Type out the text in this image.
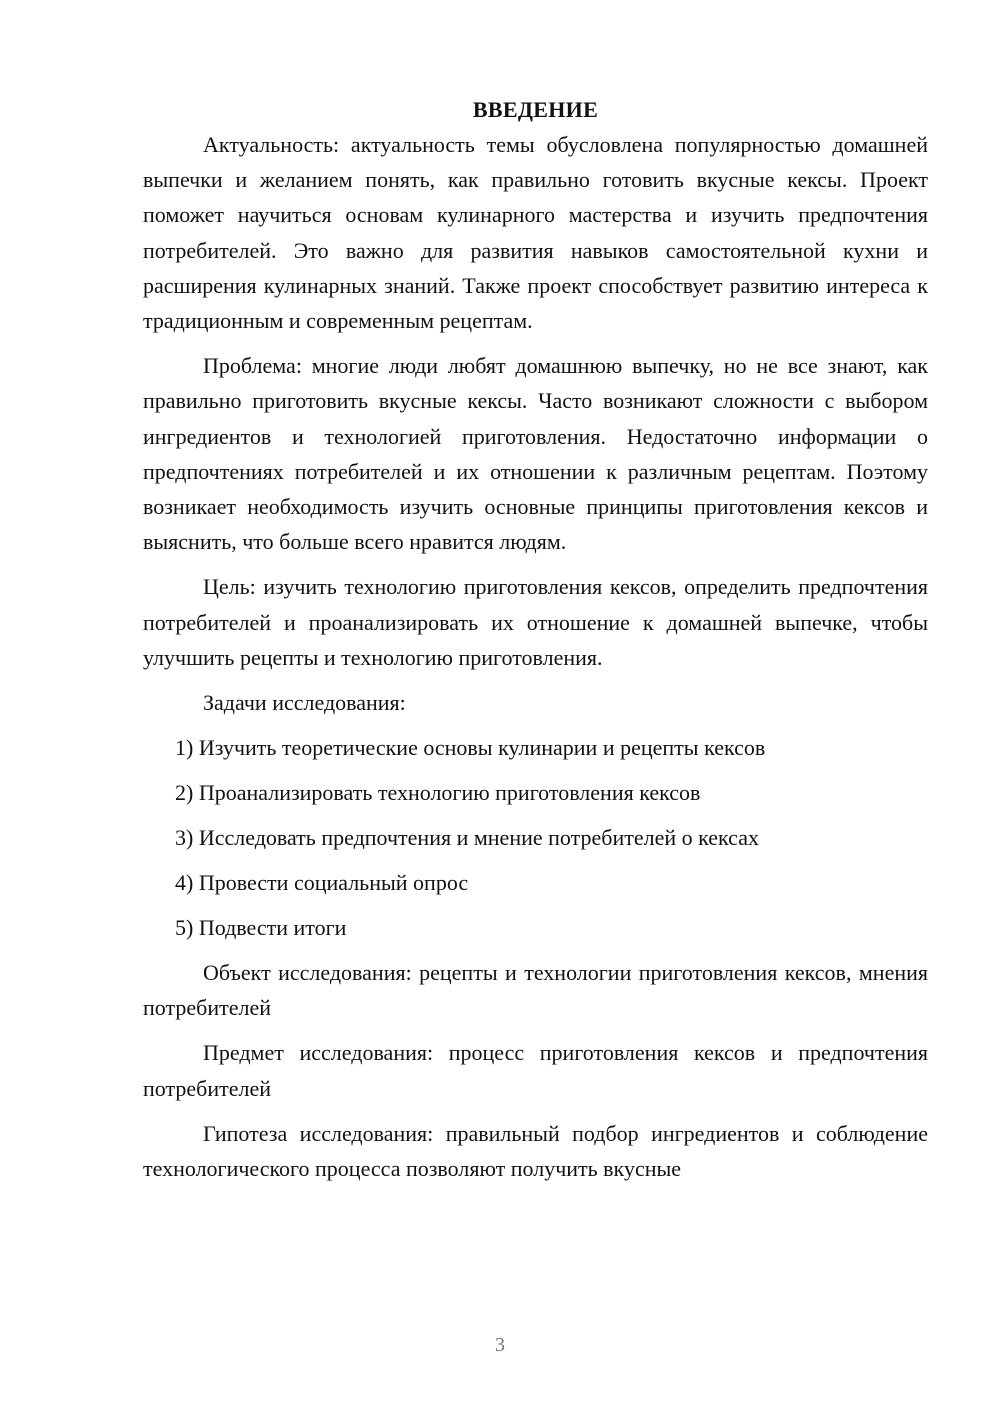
ВВЕДЕНИЕ

Актуальность: актуальность темы обусловлена популярностью домашней выпечки и желанием понять, как правильно готовить вкусные кексы. Проект поможет научиться основам кулинарного мастерства и изучить предпочтения потребителей. Это важно для развития навыков самостоятельной кухни и расширения кулинарных знаний. Также проект способствует развитию интереса к традиционным и современным рецептам.

Проблема: многие люди любят домашнюю выпечку, но не все знают, как правильно приготовить вкусные кексы. Часто возникают сложности с выбором ингредиентов и технологией приготовления. Недостаточно информации о предпочтениях потребителей и их отношении к различным рецептам. Поэтому возникает необходимость изучить основные принципы приготовления кексов и выяснить, что больше всего нравится людям.

Цель: изучить технологию приготовления кексов, определить предпочтения потребителей и проанализировать их отношение к домашней выпечке, чтобы улучшить рецепты и технологию приготовления.

Задачи исследования:

1) Изучить теоретические основы кулинарии и рецепты кексов
2) Проанализировать технологию приготовления кексов
3) Исследовать предпочтения и мнение потребителей о кексах
4) Провести социальный опрос
5) Подвести итоги

Объект исследования: рецепты и технологии приготовления кексов, мнения потребителей

Предмет исследования: процесс приготовления кексов и предпочтения потребителей

Гипотеза исследования: правильный подбор ингредиентов и соблюдение технологического процесса позволяют получить вкусные

3
